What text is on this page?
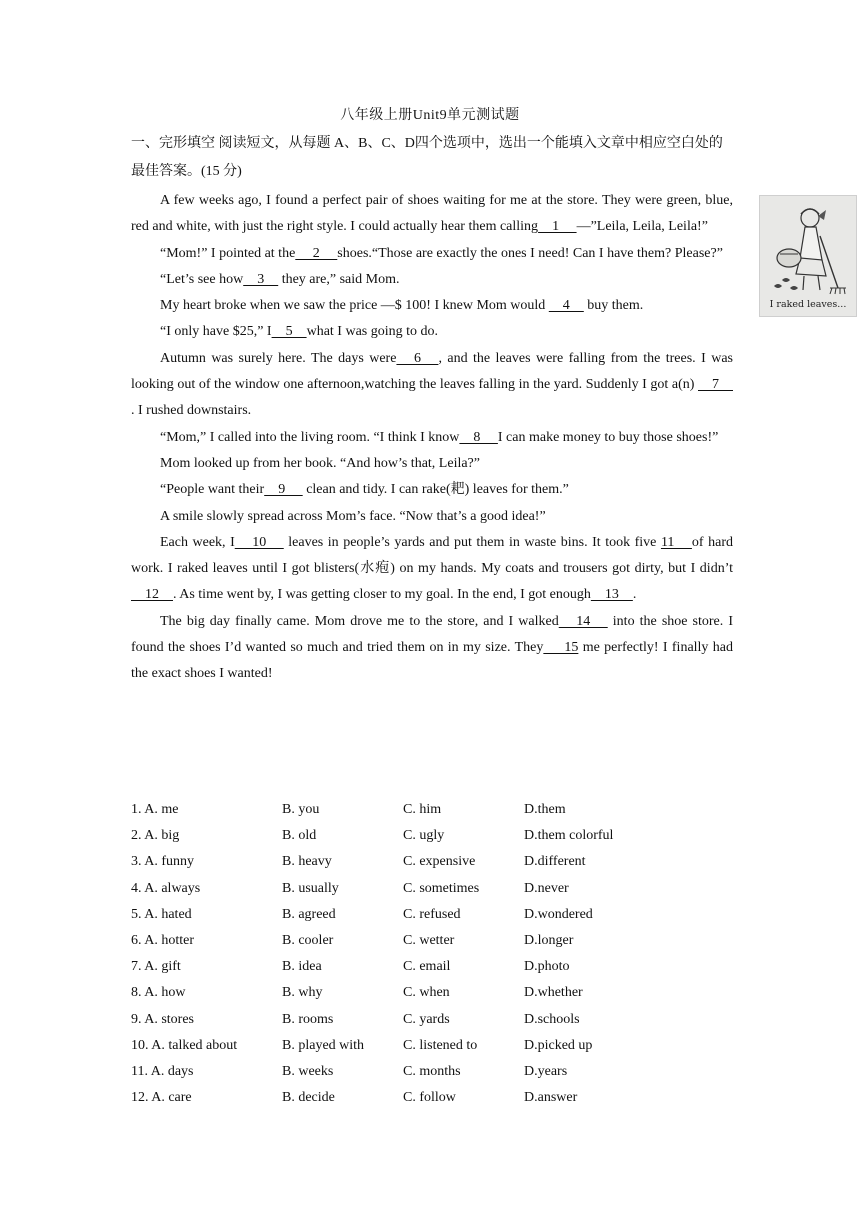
八年级上册Unit9单元测试题
一、完形填空 阅读短文，从每题 A、B、C、D四个选项中，选出一个能填入文章中相应空白处的最佳答案。(15 分)
I raked leaves...

A few weeks ago, I found a perfect pair of shoes waiting for me at the store. They were green, blue, red and white, with just the right style. I could actually hear them calling    1     —”Leila, Leila, Leila!”

“Mom!” I pointed at the     2     shoes.“Those are exactly the ones I need! Can I have them? Please?”

“Let’s see how    3     they are,” said Mom.

My heart broke when we saw the price —$ 100! I knew Mom would     4     buy them.

“I only have $25,” I    5    what I was going to do.

Autumn was surely here. The days were     6     , and the leaves were falling from the trees. I was looking out of the window one afternoon,watching the leaves falling in the yard. Suddenly I got a(n)     7    . I rushed downstairs.

“Mom,” I called into the living room. “I think I know    8     I can make money to buy those shoes!”

Mom looked up from her book. “And how’s that, Leila?”

“People want their    9      clean and tidy. I can rake(耙) leaves for them.”

A smile slowly spread across Mom’s face. “Now that’s a good idea!”

Each week, I     10      leaves in people’s yards and put them in waste bins. It took five 11     of hard work. I raked leaves until I got blisters(水疱) on my hands. My coats and trousers got dirty, but I didn’t     12    . As time went by, I was getting closer to my goal. In the end, I got enough    13    .

The big day finally came. Mom drove me to the store, and I walked     14      into the shoe store. I found the shoes I’d wanted so much and tried them on in my size. They      15 me perfectly! I finally had the exact shoes I wanted!

1. A. me	B. you	C. him	D.them
2. A. big	B. old	C. ugly	D.them colorful
3. A. funny	B. heavy	C. expensive	D.different
4. A. always	B. usually	C. sometimes	D.never
5. A. hated	B. agreed	C. refused	D.wondered
6. A. hotter	B. cooler	C. wetter	D.longer
7. A. gift	B. idea	C. email	D.photo
8. A. how	B. why	C. when	D.whether
9. A. stores	B. rooms	C. yards	D.schools
10. A. talked about	B. played with	C. listened to	D.picked up
11. A. days	B. weeks	C. months	D.years
12. A. care	B. decide	C. follow	D.answer
